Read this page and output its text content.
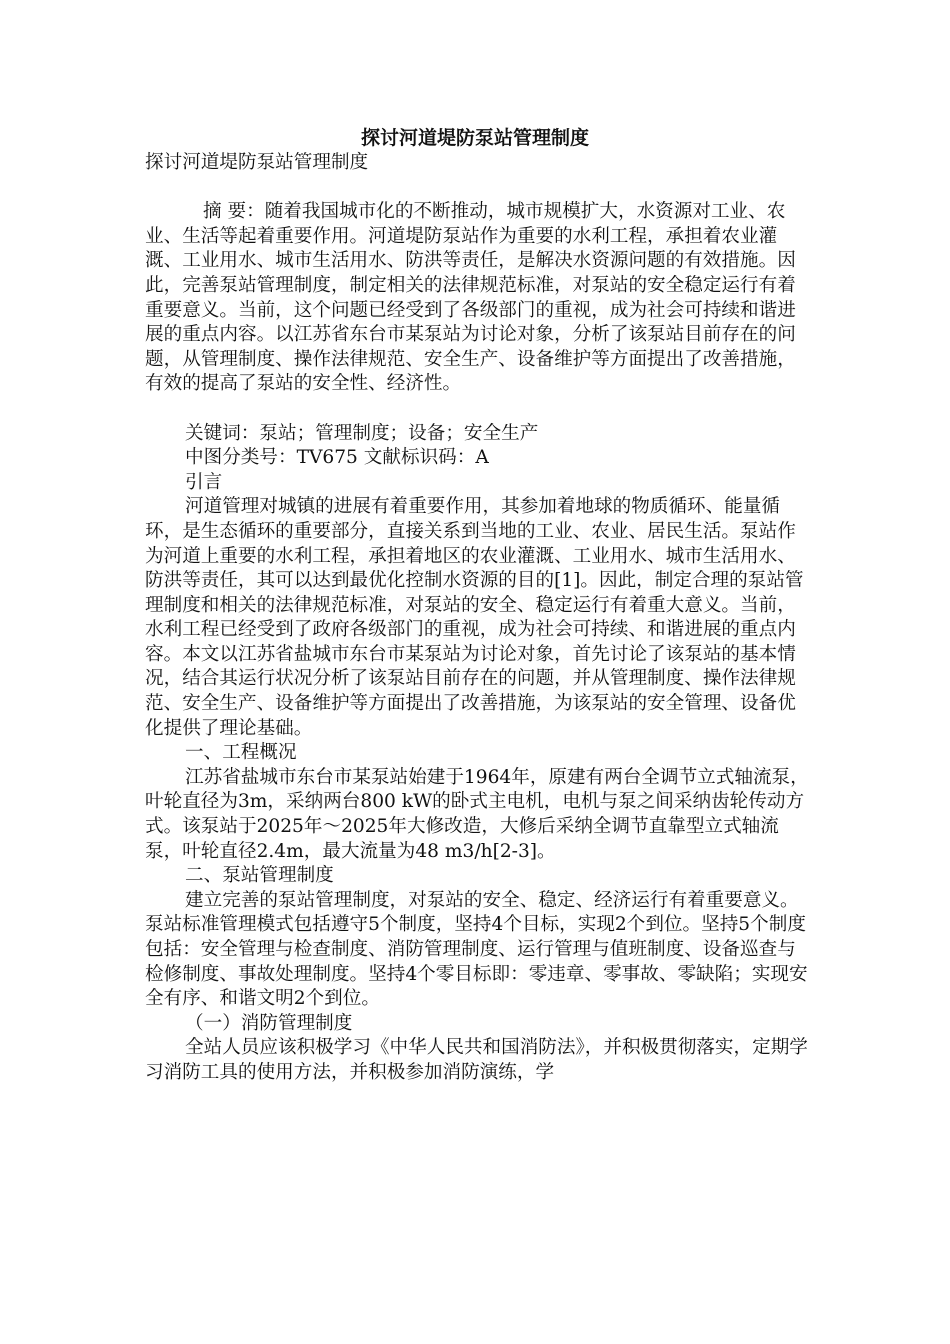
探讨河道堤防泵站管理制度

探讨河道堤防泵站管理制度

摘 要：随着我国城市化的不断推动，城市规模扩大，水资源对工业、农业、生活等起着重要作用。河道堤防泵站作为重要的水利工程，承担着农业灌溉、工业用水、城市生活用水、防洪等责任，是解决水资源问题的有效措施。因此，完善泵站管理制度，制定相关的法律规范标准，对泵站的安全稳定运行有着重要意义。当前，这个问题已经受到了各级部门的重视，成为社会可持续和谐进展的重点内容。以江苏省东台市某泵站为讨论对象，分析了该泵站目前存在的问题，从管理制度、操作法律规范、安全生产、设备维护等方面提出了改善措施，有效的提高了泵站的安全性、经济性。

关键词：泵站；管理制度；设备；安全生产

中图分类号：TV675 文献标识码：A

引言

河道管理对城镇的进展有着重要作用，其参加着地球的物质循环、能量循环，是生态循环的重要部分，直接关系到当地的工业、农业、居民生活。泵站作为河道上重要的水利工程，承担着地区的农业灌溉、工业用水、城市生活用水、防洪等责任，其可以达到最优化控制水资源的目的[1]。因此，制定合理的泵站管理制度和相关的法律规范标准，对泵站的安全、稳定运行有着重大意义。当前，水利工程已经受到了政府各级部门的重视，成为社会可持续、和谐进展的重点内容。本文以江苏省盐城市东台市某泵站为讨论对象，首先讨论了该泵站的基本情况，结合其运行状况分析了该泵站目前存在的问题，并从管理制度、操作法律规范、安全生产、设备维护等方面提出了改善措施，为该泵站的安全管理、设备优化提供了理论基础。

一、工程概况

江苏省盐城市东台市某泵站始建于1964年，原建有两台全调节立式轴流泵，叶轮直径为3m，采纳两台800 kW的卧式主电机，电机与泵之间采纳齿轮传动方式。该泵站于2025年～2025年大修改造，大修后采纳全调节直靠型立式轴流泵，叶轮直径2.4m，最大流量为48 m3/h[2-3]。

二、泵站管理制度

建立完善的泵站管理制度，对泵站的安全、稳定、经济运行有着重要意义。泵站标准管理模式包括遵守5个制度，坚持4个目标，实现2个到位。坚持5个制度包括：安全管理与检查制度、消防管理制度、运行管理与值班制度、设备巡查与检修制度、事故处理制度。坚持4个零目标即：零违章、零事故、零缺陷；实现安全有序、和谐文明2个到位。

（一）消防管理制度

全站人员应该积极学习《中华人民共和国消防法》，并积极贯彻落实，定期学习消防工具的使用方法，并积极参加消防演练，学
